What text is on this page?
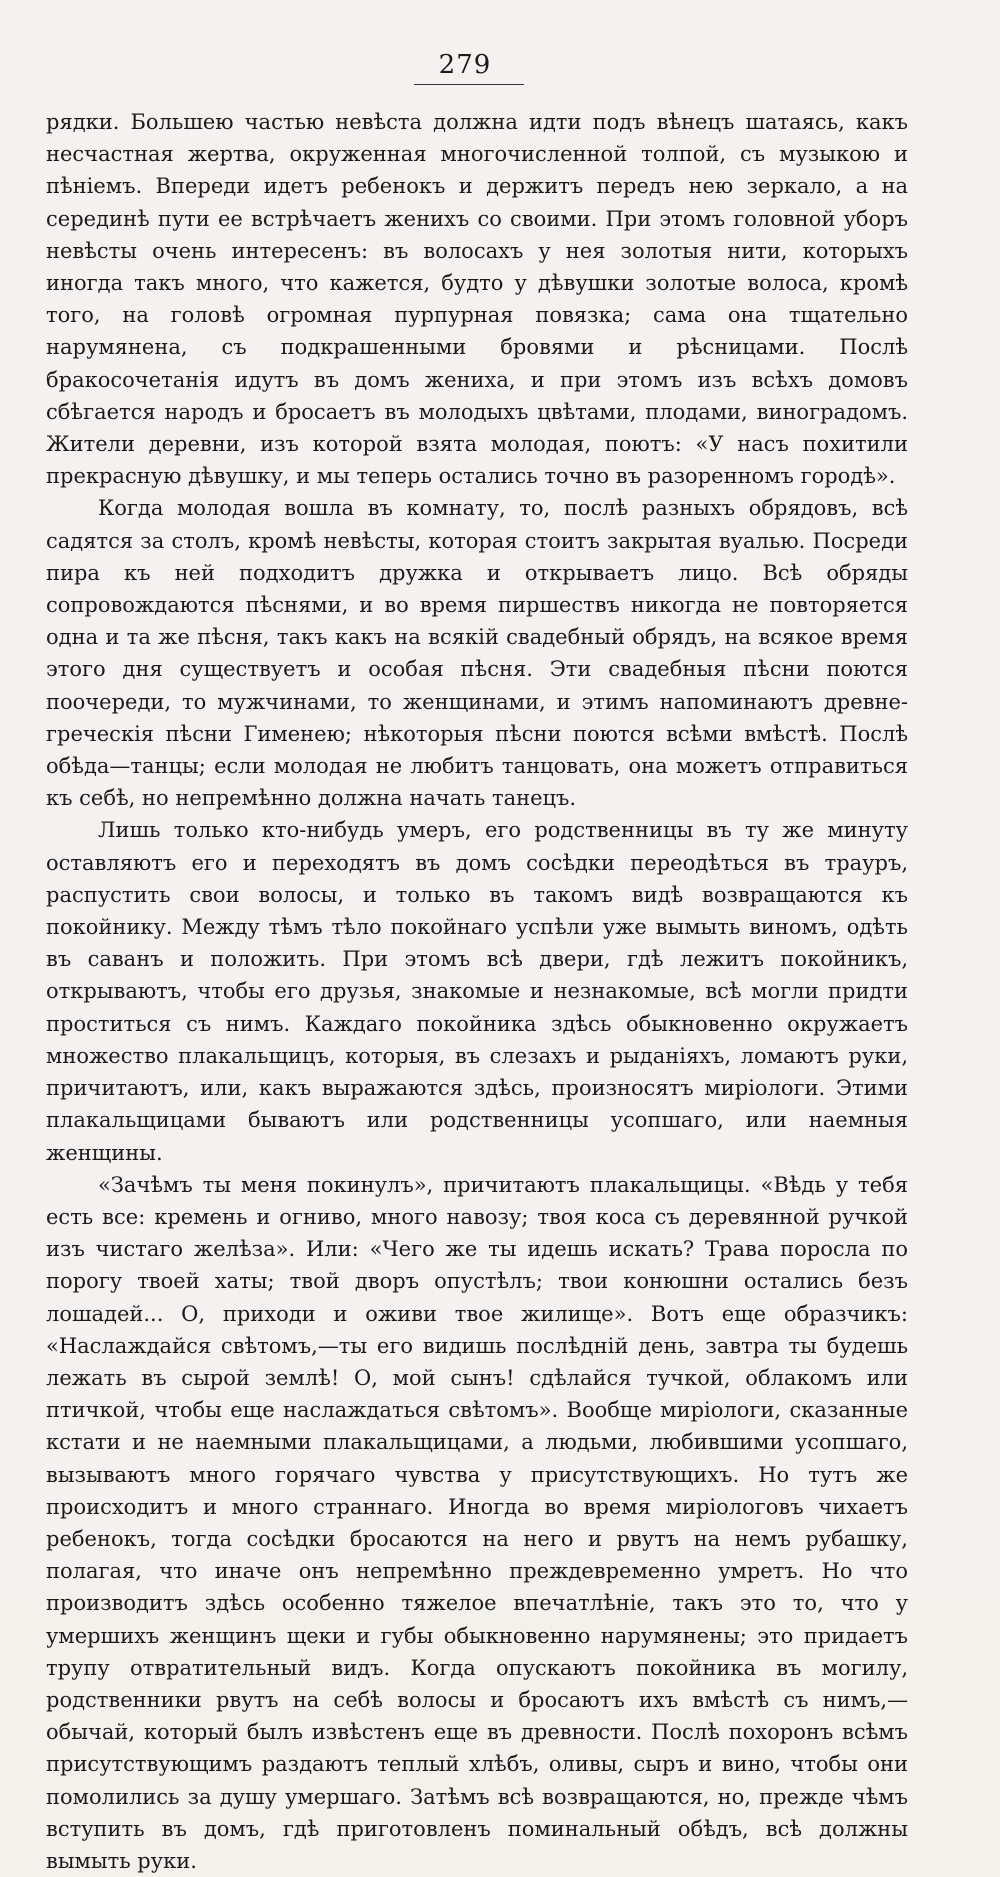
279

рядки. Большею частью невѣста должна идти подъ вѣнецъ шатаясь, какъ несчастная жертва, окруженная многочисленной толпой, съ музыкою и пѣніемъ. Впереди идетъ ребенокъ и держитъ передъ нею зеркало, а на серединѣ пути ее встрѣчаетъ женихъ со своими. При этомъ головной уборъ невѣсты очень интересенъ: въ волосахъ у нея золотыя нити, которыхъ иногда такъ много, что кажется, будто у дѣвушки золотые волоса, кромѣ того, на головѣ огромная пурпурная повязка; сама она тщательно нарумянена, съ подкрашенными бровями и рѣсницами. Послѣ бракосочетанія идутъ въ домъ жениха, и при этомъ изъ всѣхъ домовъ сбѣгается народъ и бросаетъ въ молодыхъ цвѣтами, плодами, виноградомъ. Жители деревни, изъ которой взята молодая, поютъ: «У насъ похитили прекрасную дѣвушку, и мы теперь остались точно въ разоренномъ городѣ».

Когда молодая вошла въ комнату, то, послѣ разныхъ обрядовъ, всѣ садятся за столъ, кромѣ невѣсты, которая стоитъ закрытая вуалью. Посреди пира къ ней подходитъ дружка и открываетъ лицо. Всѣ обряды сопровождаются пѣснями, и во время пиршествъ никогда не повторяется одна и та же пѣсня, такъ какъ на всякій свадебный обрядъ, на всякое время этого дня существуетъ и особая пѣсня. Эти свадебныя пѣсни поются поочереди, то мужчинами, то женщинами, и этимъ напоминаютъ древне-греческія пѣсни Гименею; нѣкоторыя пѣсни поются всѣми вмѣстѣ. Послѣ обѣда—танцы; если молодая не любитъ танцовать, она можетъ отправиться къ себѣ, но непремѣнно должна начать танецъ.

Лишь только кто-нибудь умеръ, его родственницы въ ту же минуту оставляютъ его и переходятъ въ домъ сосѣдки переодѣться въ трауръ, распустить свои волосы, и только въ такомъ видѣ возвращаются къ покойнику. Между тѣмъ тѣло покойнаго успѣли уже вымыть виномъ, одѣть въ саванъ и положить. При этомъ всѣ двери, гдѣ лежитъ покойникъ, открываютъ, чтобы его друзья, знакомые и незнакомые, всѣ могли придти проститься съ нимъ. Каждаго покойника здѣсь обыкновенно окружаетъ множество плакальщицъ, которыя, въ слезахъ и рыданіяхъ, ломаютъ руки, причитаютъ, или, какъ выражаются здѣсь, произносятъ миріологи. Этими плакальщицами бываютъ или родственницы усопшаго, или наемныя женщины.

«Зачѣмъ ты меня покинулъ», причитаютъ плакальщицы. «Вѣдь у тебя есть все: кремень и огниво, много навозу; твоя коса съ деревянной ручкой изъ чистаго желѣза». Или: «Чего же ты идешь искать? Трава поросла по порогу твоей хаты; твой дворъ опустѣлъ; твои конюшни остались безъ лошадей... О, приходи и оживи твое жилище». Вотъ еще образчикъ: «Наслаждайся свѣтомъ,—ты его видишь послѣдній день, завтра ты будешь лежать въ сырой землѣ! О, мой сынъ! сдѣлайся тучкой, облакомъ или птичкой, чтобы еще наслаждаться свѣтомъ». Вообще миріологи, сказанные кстати и не наемными плакальщицами, а людьми, любившими усопшаго, вызываютъ много горячаго чувства у присутствующихъ. Но тутъ же происходитъ и много страннаго. Иногда во время миріологовъ чихаетъ ребенокъ, тогда сосѣдки бросаются на него и рвутъ на немъ рубашку, полагая, что иначе онъ непремѣнно преждевременно умретъ. Но что производитъ здѣсь особенно тяжелое впечатлѣніе, такъ это то, что у умершихъ женщинъ щеки и губы обыкновенно нарумянены; это придаетъ трупу отвратительный видъ. Когда опускаютъ покойника въ могилу, родственники рвутъ на себѣ волосы и бросаютъ ихъ вмѣстѣ съ нимъ,—обычай, который былъ извѣстенъ еще въ древности. Послѣ похоронъ всѣмъ присутствующимъ раздаютъ теплый хлѣбъ, оливы, сыръ и вино, чтобы они помолились за душу умершаго. Затѣмъ всѣ возвращаются, но, прежде чѣмъ вступить въ домъ, гдѣ приготовленъ поминальный обѣдъ, всѣ должны вымыть руки.
